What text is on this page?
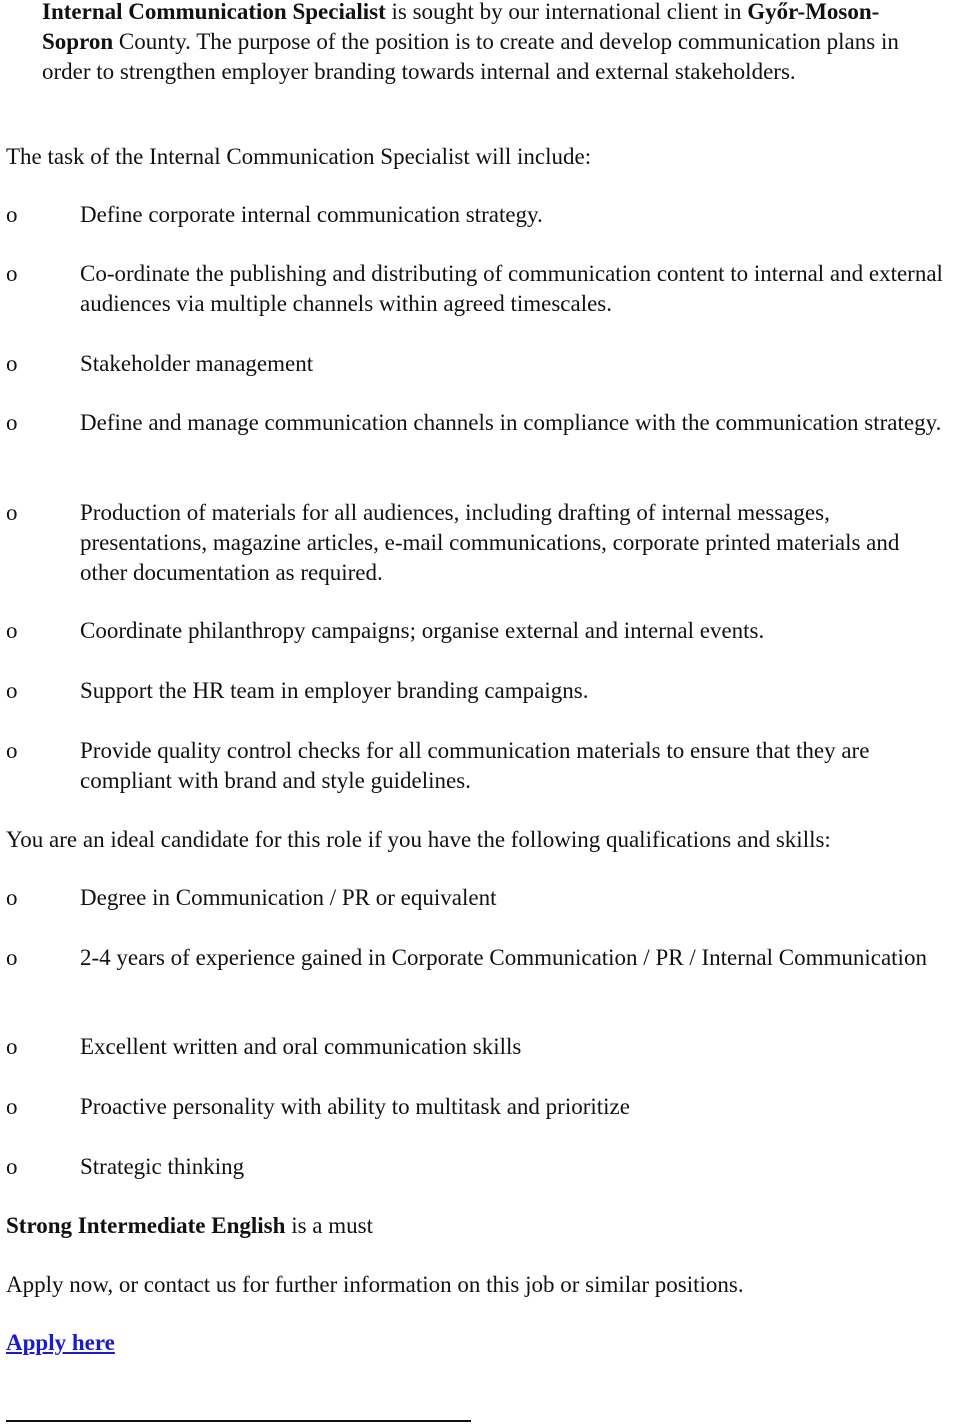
Internal Communication Specialist is sought by our international client in Győr-Moson-Sopron County. The purpose of the position is to create and develop communication plans in order to strengthen employer branding towards internal and external stakeholders.

The task of the Internal Communication Specialist will include:
o	Define corporate internal communication strategy.
o	Co-ordinate the publishing and distributing of communication content to internal and external audiences via multiple channels within agreed timescales.
o	Stakeholder management
o	Define and manage communication channels in compliance with the communication strategy.
o	Production of materials for all audiences, including drafting of internal messages, presentations, magazine articles, e-mail communications, corporate printed materials and other documentation as required.
o	Coordinate philanthropy campaigns; organise external and internal events.
o	Support the HR team in employer branding campaigns.
o	Provide quality control checks for all communication materials to ensure that they are compliant with brand and style guidelines.
You are an ideal candidate for this role if you have the following qualifications and skills:
o	Degree in Communication / PR or equivalent
o	2-4 years of experience gained in Corporate Communication / PR / Internal Communication
o	Excellent written and oral communication skills
o	Proactive personality with ability to multitask and prioritize
o	Strategic thinking
Strong Intermediate English is a must
Apply now, or contact us for further information on this job or similar positions.
Apply here
